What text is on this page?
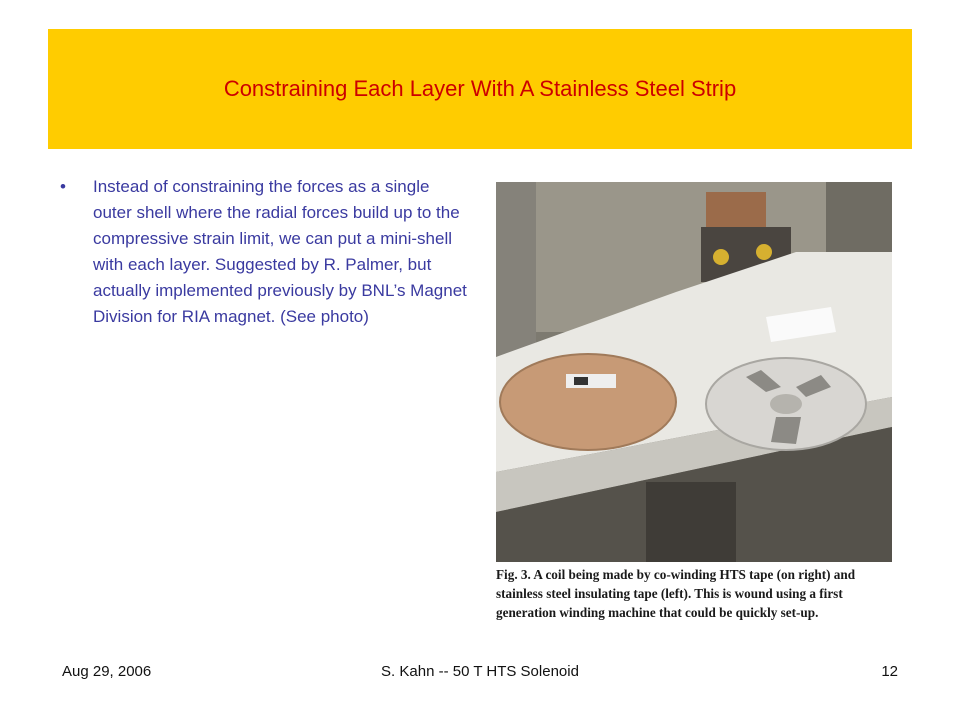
Constraining Each Layer With A Stainless Steel Strip
•	Instead of constraining the forces as a single outer shell where the radial forces build up to the compressive strain limit, we can put a mini-shell with each layer. Suggested by R. Palmer, but actually implemented previously by BNL’s Magnet Division for RIA magnet. (See photo)
Fig. 3. A coil being made by co-winding HTS tape (on right) and
stainless steel insulating tape (left). This is wound using a first
generation winding machine that could be quickly set-up.
Aug 29, 2006	S. Kahn -- 50 T HTS Solenoid	12
